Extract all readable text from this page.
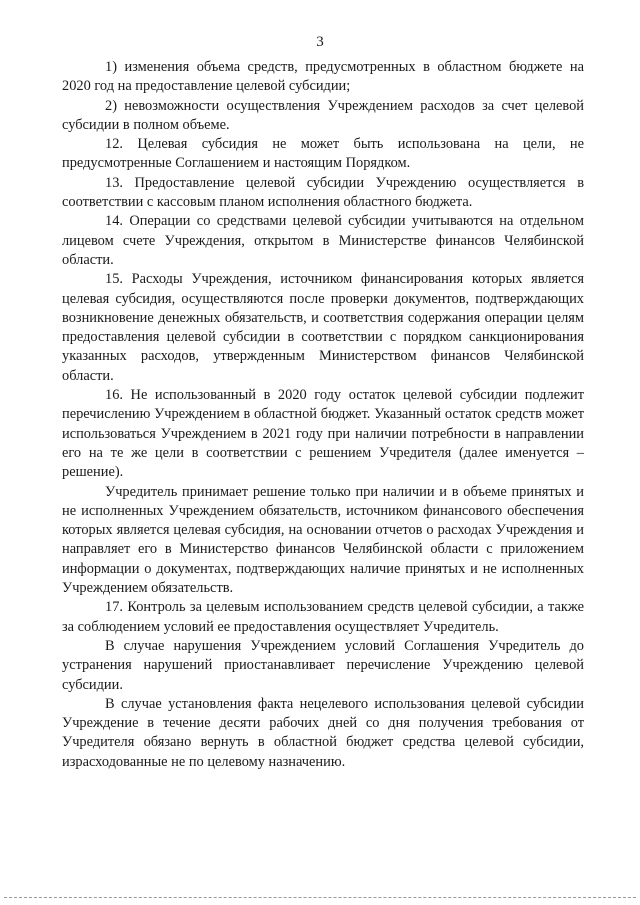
3

1) изменения объема средств, предусмотренных в областном бюджете на 2020 год на предоставление целевой субсидии;

2) невозможности осуществления Учреждением расходов за счет целевой субсидии в полном объеме.

12. Целевая субсидия не может быть использована на цели, не предусмотренные Соглашением и настоящим Порядком.

13. Предоставление целевой субсидии Учреждению осуществляется в соответствии с кассовым планом исполнения областного бюджета.

14. Операции со средствами целевой субсидии учитываются на отдельном лицевом счете Учреждения, открытом в Министерстве финансов Челябинской области.

15. Расходы Учреждения, источником финансирования которых является целевая субсидия, осуществляются после проверки документов, подтверждающих возникновение денежных обязательств, и соответствия содержания операции целям предоставления целевой субсидии в соответствии с порядком санкционирования указанных расходов, утвержденным Министерством финансов Челябинской области.

16. Не использованный в 2020 году остаток целевой субсидии подлежит перечислению Учреждением в областной бюджет. Указанный остаток средств может использоваться Учреждением в 2021 году при наличии потребности в направлении его на те же цели в соответствии с решением Учредителя (далее именуется – решение).

Учредитель принимает решение только при наличии и в объеме принятых и не исполненных Учреждением обязательств, источником финансового обеспечения которых является целевая субсидия, на основании отчетов о расходах Учреждения и направляет его в Министерство финансов Челябинской области с приложением информации о документах, подтверждающих наличие принятых и не исполненных Учреждением обязательств.

17. Контроль за целевым использованием средств целевой субсидии, а также за соблюдением условий ее предоставления осуществляет Учредитель.

В случае нарушения Учреждением условий Соглашения Учредитель до устранения нарушений приостанавливает перечисление Учреждению целевой субсидии.

В случае установления факта нецелевого использования целевой субсидии Учреждение в течение десяти рабочих дней со дня получения требования от Учредителя обязано вернуть в областной бюджет средства целевой субсидии, израсходованные не по целевому назначению.
